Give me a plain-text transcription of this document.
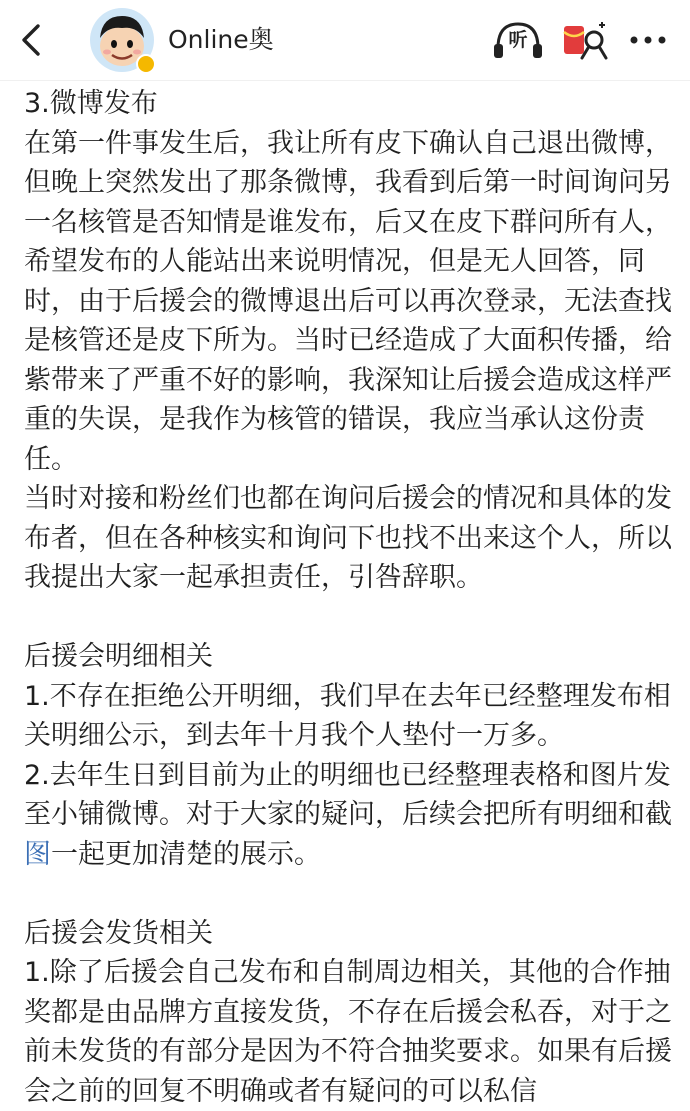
Online奥	听

3.微博发布

在第一件事发生后，我让所有皮下确认自己退出微博，但晚上突然发出了那条微博，我看到后第一时间询问另一名核管是否知情是谁发布，后又在皮下群问所有人，希望发布的人能站出来说明情况，但是无人回答，同时，由于后援会的微博退出后可以再次登录，无法查找是核管还是皮下所为。当时已经造成了大面积传播，给紫带来了严重不好的影响，我深知让后援会造成这样严重的失误，是我作为核管的错误，我应当承认这份责任。

当时对接和粉丝们也都在询问后援会的情况和具体的发布者，但在各种核实和询问下也找不出来这个人，所以我提出大家一起承担责任，引咎辞职。

后援会明细相关

1.不存在拒绝公开明细，我们早在去年已经整理发布相关明细公示，到去年十月我个人垫付一万多。

2.去年生日到目前为止的明细也已经整理表格和图片发至小铺微博。对于大家的疑问，后续会把所有明细和截图一起更加清楚的展示。

后援会发货相关

1.除了后援会自己发布和自制周边相关，其他的合作抽奖都是由品牌方直接发货，不存在后援会私吞，对于之前未发货的有部分是因为不符合抽奖要求。如果有后援会之前的回复不明确或者有疑问的可以私信
